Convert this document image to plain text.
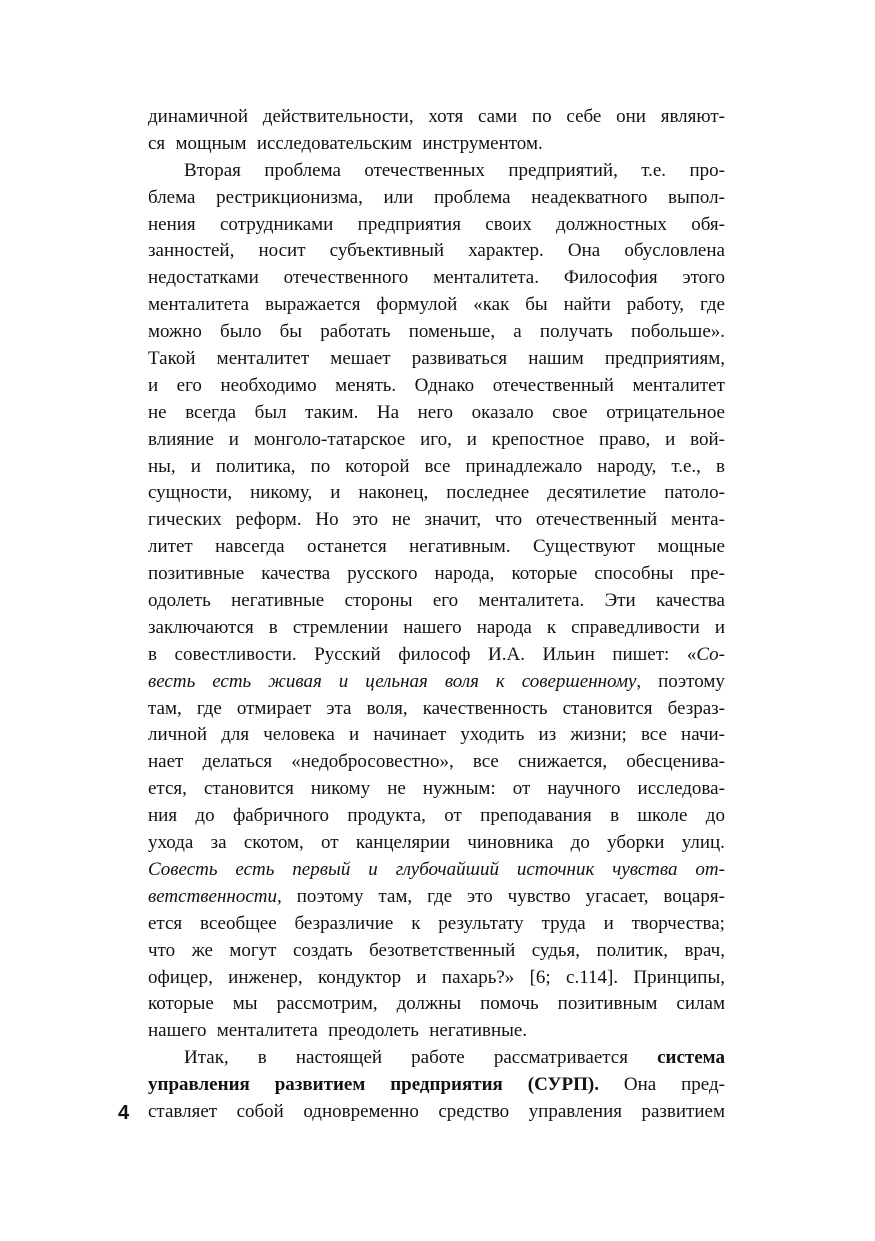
динамичной действительности, хотя сами по себе они являют-
ся мощным исследовательским инструментом.
Вторая проблема отечественных предприятий, т.е. про-
блема рестрикционизма, или проблема неадекватного выпол-
нения сотрудниками предприятия своих должностных обя-
занностей, носит субъективный характер. Она обусловлена
недостатками отечественного менталитета. Философия этого
менталитета выражается формулой «как бы найти работу, где
можно было бы работать поменьше, а получать побольше».
Такой менталитет мешает развиваться нашим предприятиям,
и его необходимо менять. Однако отечественный менталитет
не всегда был таким. На него оказало свое отрицательное
влияние и монголо-татарское иго, и крепостное право, и вой-
ны, и политика, по которой все принадлежало народу, т.е., в
сущности, никому, и наконец, последнее десятилетие патоло-
гических реформ. Но это не значит, что отечественный мента-
литет навсегда останется негативным. Существуют мощные
позитивные качества русского народа, которые способны пре-
одолеть негативные стороны его менталитета. Эти качества
заключаются в стремлении нашего народа к справедливости и
в совестливости. Русский философ И.А. Ильин пишет: «Со-
весть есть живая и цельная воля к совершенному, поэтому
там, где отмирает эта воля, качественность становится безраз-
личной для человека и начинает уходить из жизни; все начи-
нает делаться «недобросовестно», все снижается, обесценива-
ется, становится никому не нужным: от научного исследова-
ния до фабричного продукта, от преподавания в школе до
ухода за скотом, от канцелярии чиновника до уборки улиц.
Совесть есть первый и глубочайший источник чувства от-
ветственности, поэтому там, где это чувство угасает, воцаря-
ется всеобщее безразличие к результату труда и творчества;
что же могут создать безответственный судья, политик, врач,
офицер, инженер, кондуктор и пахарь?» [6; с.114]. Принципы,
которые мы рассмотрим, должны помочь позитивным силам
нашего менталитета преодолеть негативные.
Итак, в настоящей работе рассматривается система
управления развитием предприятия (СУРП). Она пред-
ставляет собой одновременно средство управления развитием
4
